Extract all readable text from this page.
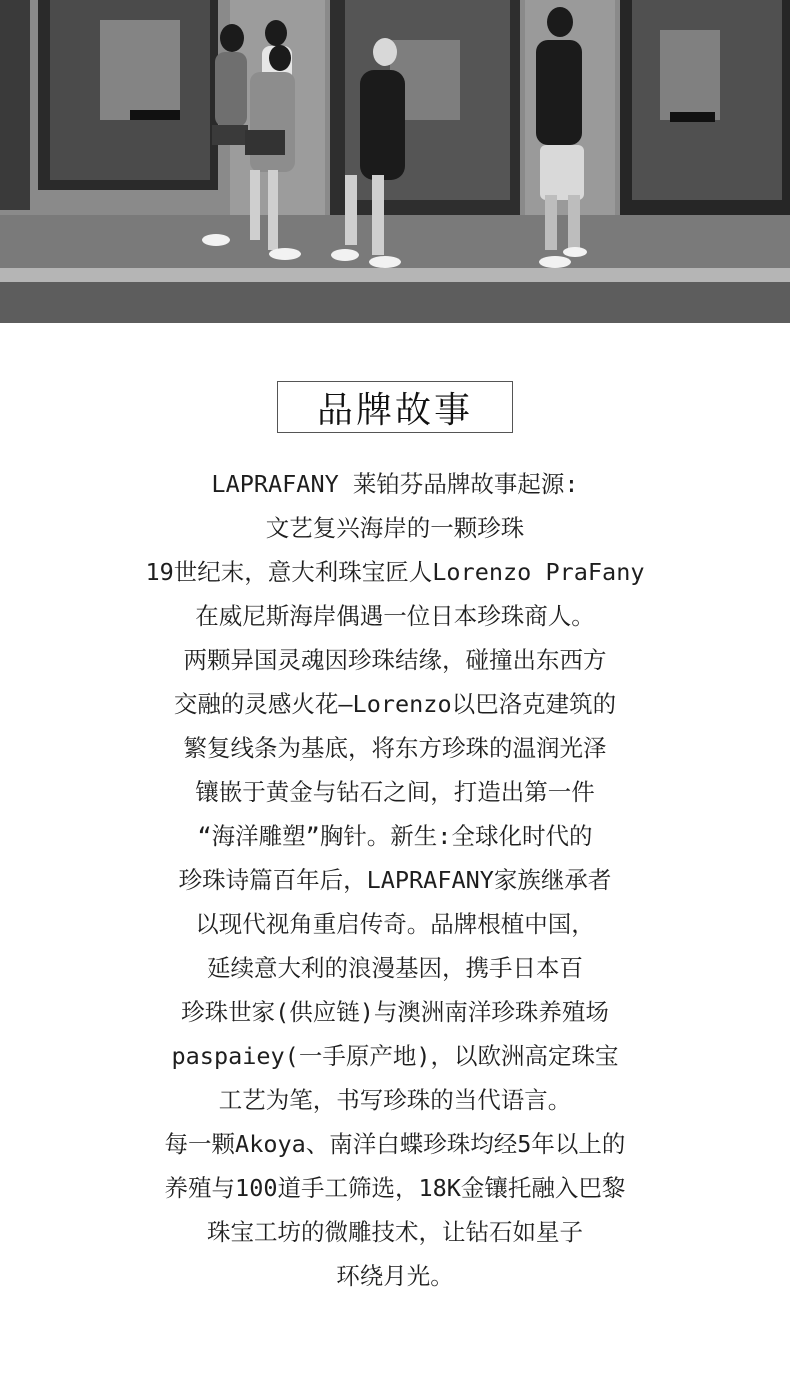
品牌故事
LAPRAFANY 莱铂芬品牌故事起源:
文艺复兴海岸的一颗珍珠
19世纪末，意大利珠宝匠人Lorenzo PraFany
在威尼斯海岸偶遇一位日本珍珠商人。
两颗异国灵魂因珍珠结缘，碰撞出东西方
交融的灵感火花—Lorenzo以巴洛克建筑的
繁复线条为基底，将东方珍珠的温润光泽
镶嵌于黄金与钻石之间，打造出第一件
“海洋雕塑”胸针。新生:全球化时代的
珍珠诗篇百年后，LAPRAFANY家族继承者
以现代视角重启传奇。品牌根植中国，
延续意大利的浪漫基因，携手日本百
珍珠世家(供应链)与澳洲南洋珍珠养殖场
paspaiey(一手原产地)，以欧洲高定珠宝
工艺为笔，书写珍珠的当代语言。
每一颗Akoya、南洋白蝶珍珠均经5年以上的
养殖与100道手工筛选，18K金镶托融入巴黎
珠宝工坊的微雕技术，让钻石如星子
环绕月光。
